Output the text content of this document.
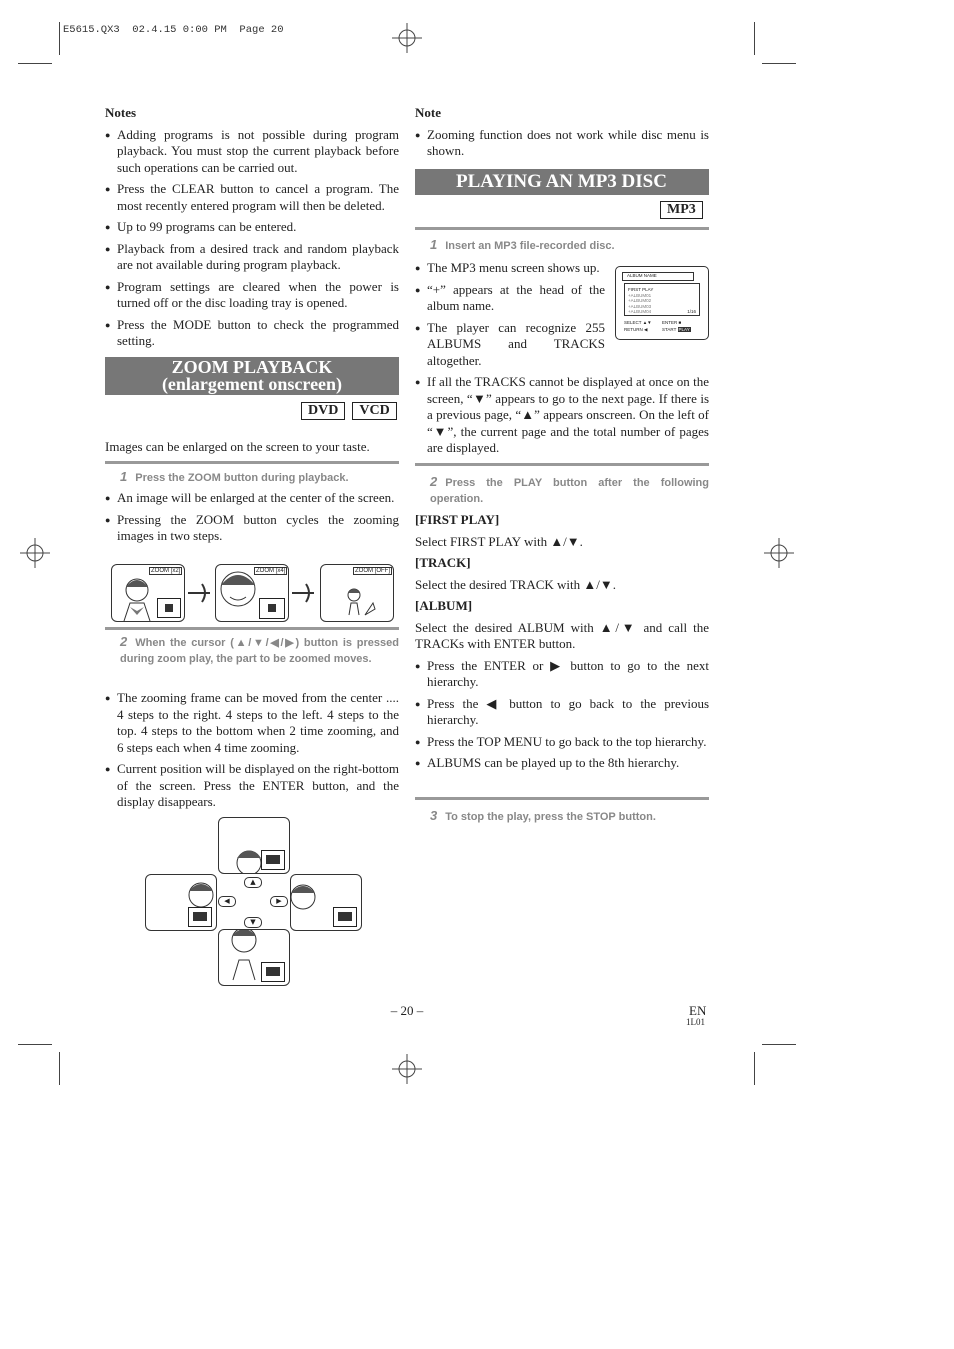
E5615.QX3  02.4.15 0:00 PM  Page 20
Notes
● Adding programs is not possible during program playback. You must stop the current playback before such operations can be carried out.
● Press the CLEAR button to cancel a program. The most recently entered program will then be deleted.
● Up to 99 programs can be entered.
● Playback from a desired track and random playback are not available during program playback.
● Program settings are cleared when the power is turned off or the disc loading tray is opened.
● Press the MODE button to check the programmed setting.
ZOOM PLAYBACK
(enlargement onscreen)
DVD VCD
Images can be enlarged on the screen to your taste.
1 Press the ZOOM button during playback.
● An image will be enlarged at the center of the screen.
● Pressing the ZOOM button cycles the zooming images in two steps.
ZOOM [x2]	ZOOM [x4]	ZOOM [OFF]
2 When the cursor (▲/▼/◀/▶) button is pressed during zoom play, the part to be zoomed moves.
● The zooming frame can be moved from the center .... 4 steps to the right. 4 steps to the left. 4 steps to the top. 4 steps to the bottom when 2 time zooming, and 6 steps each when 4 time zooming.
● Current position will be displayed on the right-bottom of the screen. Press the ENTER button, and the display disappears.
▲
▼
◀	▶
Note
● Zooming function does not work while disc menu is shown.
PLAYING AN MP3 DISC
MP3
1 Insert an MP3 file-recorded disc.
● The MP3 menu screen shows up.
● “+” appears at the head of the album name.
● The player can recognize 255 ALBUMS and TRACKS altogether.
● If all the TRACKS cannot be displayed at once on the screen, “▼” appears to go to the next page. If there is a previous page, “▲” appears onscreen. On the left of “▼”, the current page and the total number of pages are displayed.
ALBUM NAME
FIRST PLAY
+ALBUM01
+ALBUM02
+ALBUM03
+ALBUM04	1/16
SELECT ▲▼ ENTER ■
RETURN ◀	START PLAY
2 Press the PLAY button after the following operation.
[FIRST PLAY]
Select FIRST PLAY with ▲/▼.
[TRACK]
Select the desired TRACK with ▲/▼.
[ALBUM]
Select the desired ALBUM with ▲/▼ and call the TRACKs with ENTER button.
● Press the ENTER or ▶ button to go to the next hierarchy.
● Press the ◀ button to go back to the previous hierarchy.
● Press the TOP MENU to go back to the top hierarchy.
● ALBUMS can be played up to the 8th hierarchy.
3 To stop the play, press the STOP button.
– 20 –	EN
1L01
